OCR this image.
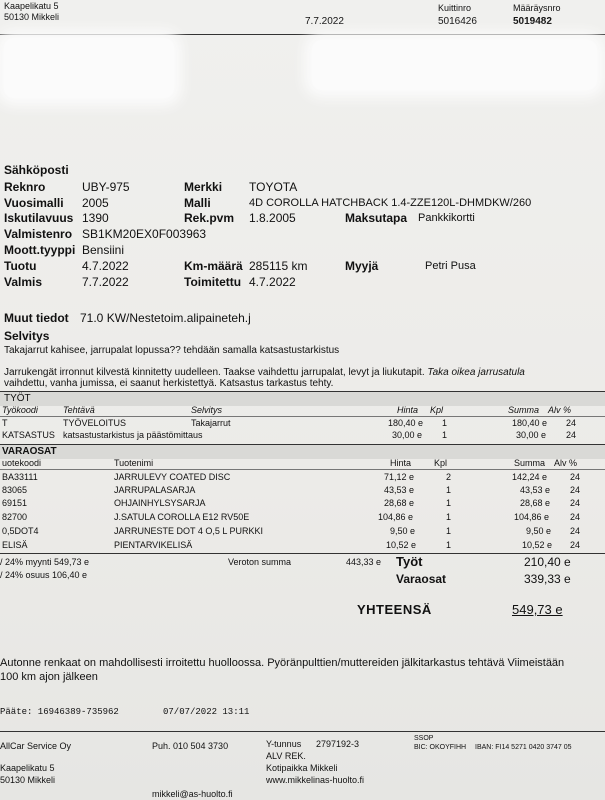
Kaapelikatu 5
50130 Mikkeli	7.7.2022
Kuittinro
5016426
Määräysnro
5019482
Sähköposti
Reknro	UBY-975	Merkki TOYOTA
Vuosimalli 2005	Malli	4D COROLLA HATCHBACK 1.4-ZZE120L-DHMDKW/260
Iskutilavuus 1390	Rek.pvm 1.8.2005	Maksutapa Pankkikortti
Valmistenro SB1KM20EX0F003963
Moott.tyyppi Bensiini
Tuotu	4.7.2022	Km-määrä 285115 km	Myyjä	Petri Pusa
Valmis	7.7.2022	Toimitettu 4.7.2022
Muut tiedot 71.0 KW/Nestetoim.alipaineteh.j
Selvitys
Takajarrut kahisee, jarrupalat lopussa?? tehdään samalla katsastustarkistus
Jarrukengät irronnut kilvestä kinnitetty uudelleen. Taakse vaihdettu jarrupalat, levyt ja liukutapit. Taka oikea jarrusatula
vaihdettu, vanha jumissa, ei saanut herkistettyä. Katsastus tarkastus tehty.
TYÖT
Työkoodi	Tehtävä	Selvitys	Hinta Kpl	Summa Alv %
T	TYÖVELOITUS	Takajarrut	180,40 e 1	180,40 e 24
KATSASTUS katsastustarkistus ja päästömittaus	30,00 e 1	30,00 e 24
VARAOSAT
uotekoodi	Tuotenimi	Hinta	Kpl	Summa Alv %
BA33111	JARRULEVY COATED DISC	71,12 e	2	142,24 e	24
83065	JARRUPALASARJA	43,53 e	1	43,53 e 24
69151	OHJAINHYLSYSARJA	28,68 e	1	28,68 e 24
82700	J.SATULA COROLLA E12 RV50E	104,86 e	1	104,86 e 24
0,5DOT4	JARRUNESTE DOT 4 O,5 L PURKKI	9,50 e	1	9,50 e 24
ELISÄ	PIENTARVIKELISÄ	10,52 e	1	10,52 e 24
/ 24% myynti 549,73 e
/ 24% osuus 106,40 e
Veroton summa	443,33 e Työt	210,40 e
Varaosat	339,33 e
YHTEENSÄ	549,73 e
Autonne renkaat on mahdollisesti irroitettu huolloossa. Pyöränpulttien/muttereiden jälkitarkastus tehtävä Viimeistään
100 km ajon jälkeen
Pääte: 16946389-735962	07/07/2022 13:11
AllCar Service Oy	Puh. 010 504 3730	Y-tunnus 2797192-3
ALV REK.
SSOP
BIC: OKOYFIHH IBAN: FI14 5271 0420 3747 05
Kaapelikatu 5
50130 Mikkeli
Kotipaikka Mikkeli
www.mikkelinas-huolto.fi
mikkeli@as-huolto.fi
